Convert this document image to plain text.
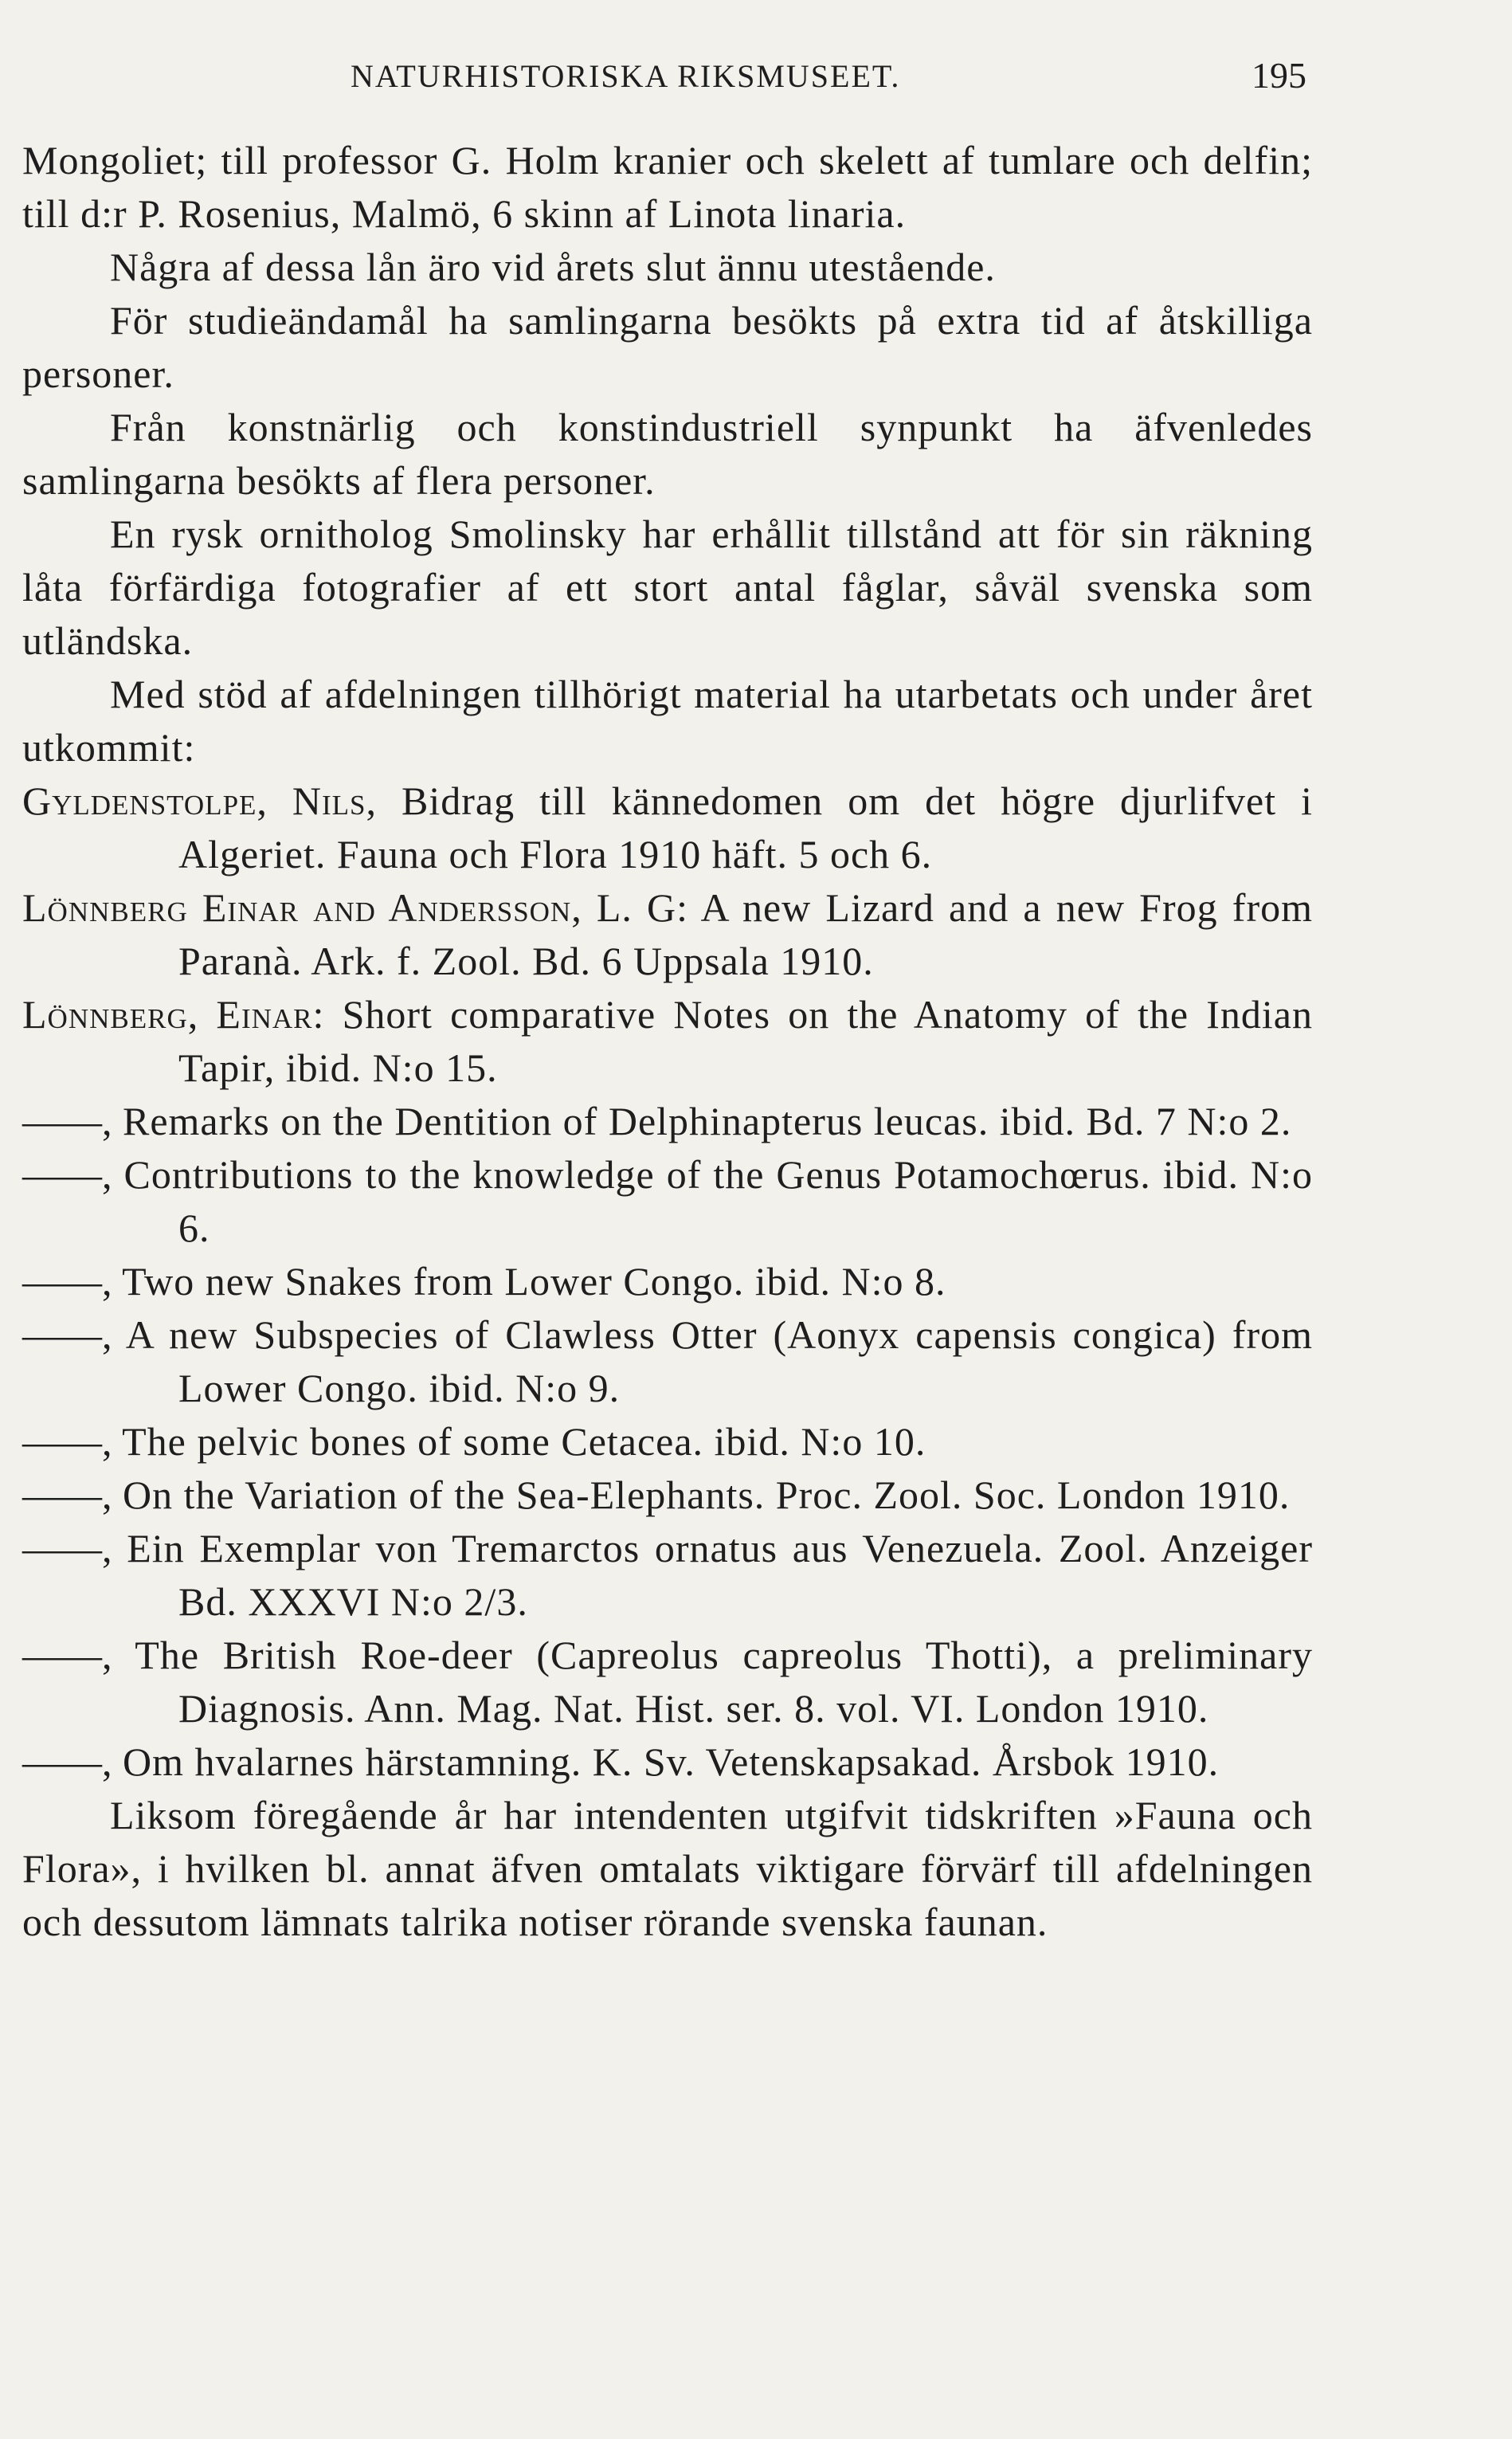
NATURHISTORISKA RIKSMUSEET.	195

Mongoliet; till professor G. Holm kranier och skelett af tumlare och delfin; till d:r P. Rosenius, Malmö, 6 skinn af Linota linaria.

Några af dessa lån äro vid årets slut ännu utestående.

För studieändamål ha samlingarna besökts på extra tid af åtskilliga personer.

Från konstnärlig och konstindustriell synpunkt ha äfvenledes samlingarna besökts af flera personer.

En rysk ornitholog Smolinsky har erhållit tillstånd att för sin räkning låta förfärdiga fotografier af ett stort antal fåglar, såväl svenska som utländska.

Med stöd af afdelningen tillhörigt material ha utarbetats och under året utkommit:

Gyldenstolpe, Nils, Bidrag till kännedomen om det högre djurlifvet i Algeriet. Fauna och Flora 1910 häft. 5 och 6.

Lönnberg Einar and Andersson, L. G: A new Lizard and a new Frog from Paranà. Ark. f. Zool. Bd. 6 Uppsala 1910.

Lönnberg, Einar: Short comparative Notes on the Anatomy of the Indian Tapir, ibid. N:o 15.

——, Remarks on the Dentition of Delphinapterus leucas. ibid. Bd. 7 N:o 2.

——, Contributions to the knowledge of the Genus Potamochœrus. ibid. N:o 6.

——, Two new Snakes from Lower Congo. ibid. N:o 8.

——, A new Subspecies of Clawless Otter (Aonyx capensis congica) from Lower Congo. ibid. N:o 9.

——, The pelvic bones of some Cetacea. ibid. N:o 10.

——, On the Variation of the Sea-Elephants. Proc. Zool. Soc. London 1910.

——, Ein Exemplar von Tremarctos ornatus aus Venezuela. Zool. Anzeiger Bd. XXXVI N:o 2/3.

——, The British Roe-deer (Capreolus capreolus Thotti), a preliminary Diagnosis. Ann. Mag. Nat. Hist. ser. 8. vol. VI. London 1910.

——, Om hvalarnes härstamning. K. Sv. Vetenskapsakad. Årsbok 1910.

Liksom föregående år har intendenten utgifvit tidskriften »Fauna och Flora», i hvilken bl. annat äfven omtalats viktigare förvärf till afdelningen och dessutom lämnats talrika notiser rörande svenska faunan.
